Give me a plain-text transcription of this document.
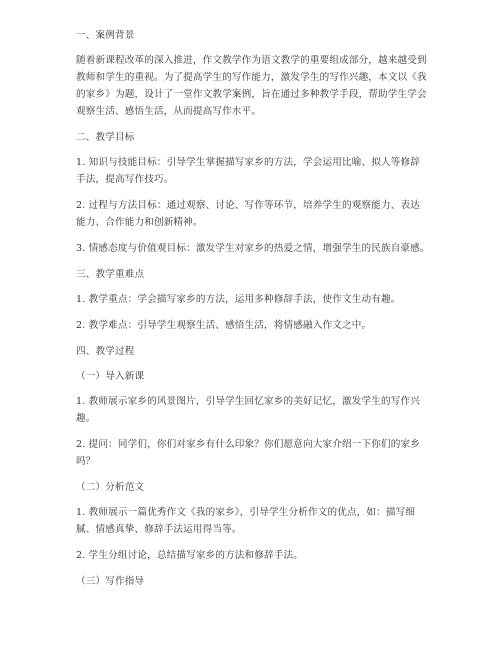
一、案例背景
随着新课程改革的深入推进，作文教学作为语文教学的重要组成部分，越来越受到
教师和学生的重视。为了提高学生的写作能力，激发学生的写作兴趣，本文以《我
的家乡》为题，设计了一堂作文教学案例，旨在通过多种教学手段，帮助学生学会
观察生活、感悟生活，从而提高写作水平。
二、教学目标
1. 知识与技能目标：引导学生掌握描写家乡的方法，学会运用比喻、拟人等修辞
手法，提高写作技巧。
2. 过程与方法目标：通过观察、讨论、写作等环节，培养学生的观察能力、表达
能力、合作能力和创新精神。
3. 情感态度与价值观目标：激发学生对家乡的热爱之情，增强学生的民族自豪感。
三、教学重难点
1. 教学重点：学会描写家乡的方法，运用多种修辞手法，使作文生动有趣。
2. 教学难点：引导学生观察生活、感悟生活，将情感融入作文之中。
四、教学过程
（一）导入新课
1. 教师展示家乡的风景图片，引导学生回忆家乡的美好记忆，激发学生的写作兴
趣。
2. 提问：同学们，你们对家乡有什么印象？你们愿意向大家介绍一下你们的家乡
吗？
（二）分析范文
1. 教师展示一篇优秀作文《我的家乡》，引导学生分析作文的优点，如：描写细
腻、情感真挚、修辞手法运用得当等。
2. 学生分组讨论，总结描写家乡的方法和修辞手法。
（三）写作指导
